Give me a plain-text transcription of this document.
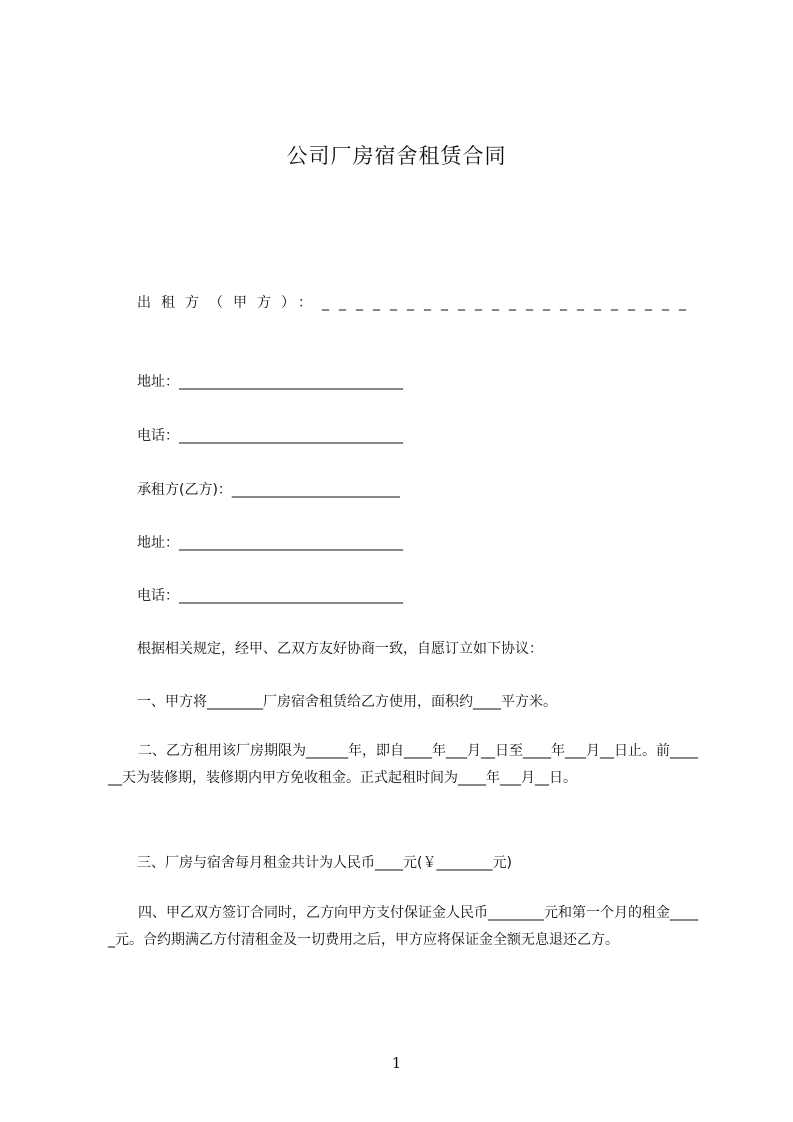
公司厂房宿舍租赁合同
出租方（甲方）：______________________
地址：________________________________
电话：________________________________
承租方(乙方)：________________________
地址：________________________________
电话：________________________________
根据相关规定，经甲、乙双方友好协商一致，自愿订立如下协议：
一、甲方将________厂房宿舍租赁给乙方使用，面积约____平方米。
二、乙方租用该厂房期限为______年，即自____年___月__日至____年___月__日止。前______天为装修期，装修期内甲方免收租金。正式起租时间为____年___月__日。
三、厂房与宿舍每月租金共计为人民币____元(￥________元)
四、甲乙双方签订合同时，乙方向甲方支付保证金人民币________元和第一个月的租金_____元。合约期满乙方付清租金及一切费用之后，甲方应将保证金全额无息退还乙方。
1
